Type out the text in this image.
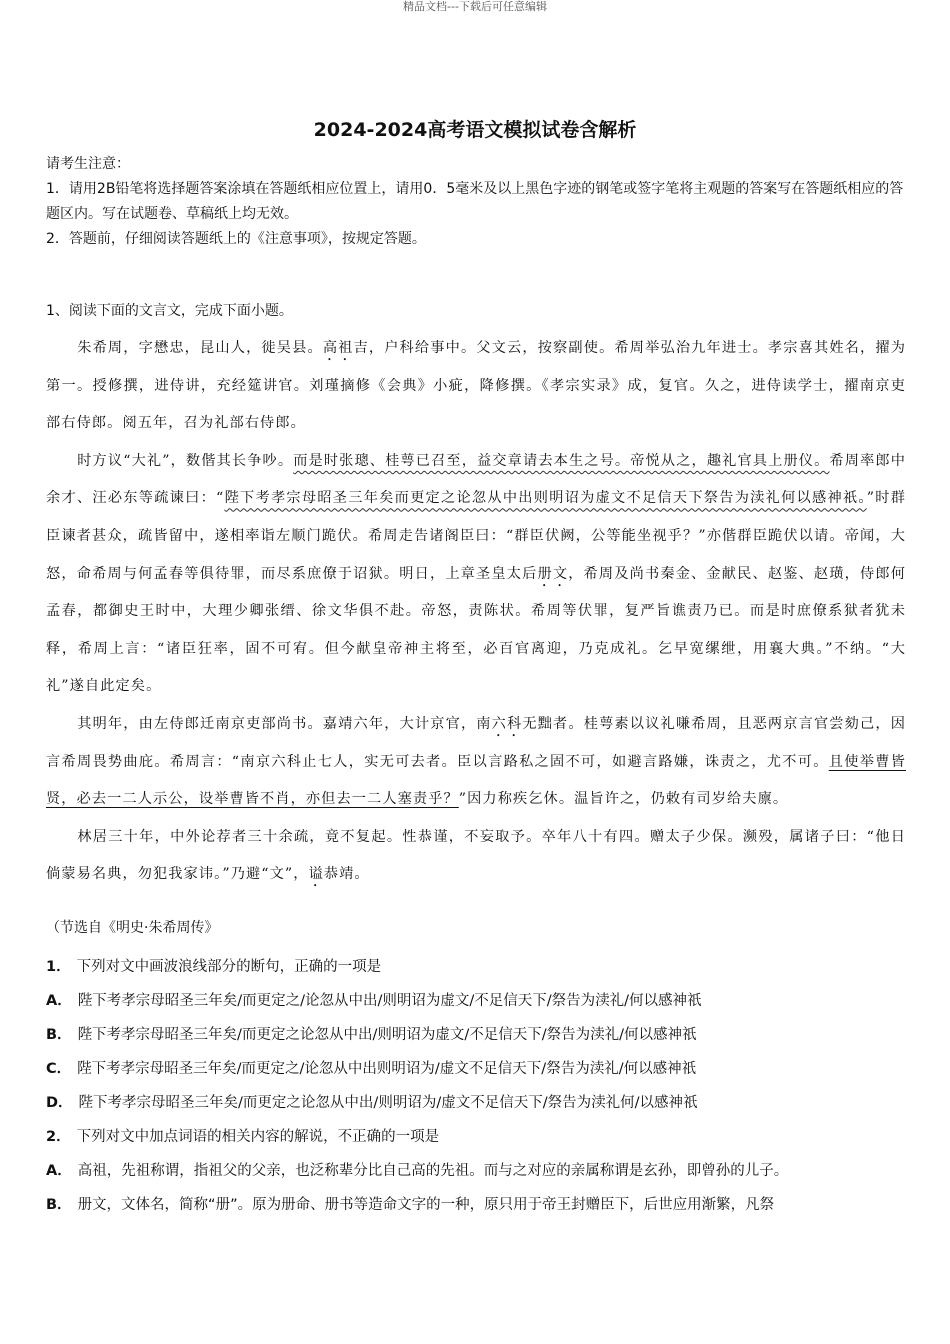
精品文档---下载后可任意编辑
2024-2024高考语文模拟试卷含解析

请考生注意：

1．请用2B铅笔将选择题答案涂填在答题纸相应位置上，请用0．5毫米及以上黑色字迹的钢笔或签字笔将主观题的答案写在答题纸相应的答题区内。写在试题卷、草稿纸上均无效。

2．答题前，仔细阅读答题纸上的《注意事项》，按规定答题。

1、阅读下面的文言文，完成下面小题。

朱希周，字懋忠，昆山人，徙吴县。高祖吉，户科给事中。父文云，按察副使。希周举弘治九年进士。孝宗喜其姓名，擢为第一。授修撰，进侍讲，充经筵讲官。刘瑾摘修《会典》小疵，降修撰。《孝宗实录》成，复官。久之，进侍读学士，擢南京吏部右侍郎。阅五年，召为礼部右侍郎。

时方议“大礼”，数偕其长争吵。而是时张璁、桂萼已召至，益交章请去本生之号。帝悦从之，趣礼官具上册仪。希周率郎中余才、汪必东等疏谏曰：“陛下考孝宗母昭圣三年矣而更定之论忽从中出则明诏为虚文不足信天下祭告为渎礼何以感神祇。”时群臣谏者甚众，疏皆留中，遂相率诣左顺门跪伏。希周走告诸阁臣曰：“群臣伏阙，公等能坐视乎？”亦偕群臣跪伏以请。帝闻，大怒，命希周与何孟春等俱待罪，而尽系庶僚于诏狱。明日，上章圣皇太后册文，希周及尚书秦金、金献民、赵鉴、赵璜，侍郎何孟春，都御史王时中，大理少卿张缙、徐文华俱不赴。帝怒，责陈状。希周等伏罪，复严旨谯责乃已。而是时庶僚系狱者犹未释，希周上言：“诸臣狂率，固不可宥。但今献皇帝神主将至，必百官离迎，乃克成礼。乞早宽缧绁，用襄大典。”不纳。“大礼”遂自此定矣。

其明年，由左侍郎迁南京吏部尚书。嘉靖六年，大计京官，南六科无黜者。桂萼素以议礼嗛希周，且恶两京言官尝劾己，因言希周畏势曲庇。希周言：“南京六科止七人，实无可去者。臣以言路私之固不可，如避言路嫌，诛责之，尤不可。且使举曹皆贤，必去一二人示公，设举曹皆不肖，亦但去一二人塞责乎？”因力称疾乞休。温旨许之，仍敕有司岁给夫廪。

林居三十年，中外论荐者三十余疏，竟不复起。性恭谨，不妄取予。卒年八十有四。赠太子少保。濒殁，属诸子曰：“他日倘蒙易名典，勿犯我家讳。”乃避“文”，谥恭靖。

（节选自《明史·朱希周传》

1． 下列对文中画波浪线部分的断句，正确的一项是

A． 陛下考孝宗母昭圣三年矣/而更定之/论忽从中出/则明诏为虚文/不足信天下/祭告为渎礼/何以感神祇

B． 陛下考孝宗母昭圣三年矣/而更定之论忽从中出/则明诏为虚文/不足信天下/祭告为渎礼/何以感神祇

C． 陛下考孝宗母昭圣三年矣/而更定之/论忽从中出则明诏为/虚文不足信天下/祭告为渎礼/何以感神祇

D． 陛下考孝宗母昭圣三年矣/而更定之论忽从中出/则明诏为/虚文不足信天下/祭告为渎礼何/以感神祇

2． 下列对文中加点词语的相关内容的解说，不正确的一项是

A． 高祖，先祖称谓，指祖父的父亲，也泛称辈分比自己高的先祖。而与之对应的亲属称谓是玄孙，即曾孙的儿子。

B． 册文，文体名，简称“册”。原为册命、册书等造命文字的一种，原只用于帝王封赠臣下，后世应用渐繁，凡祭
